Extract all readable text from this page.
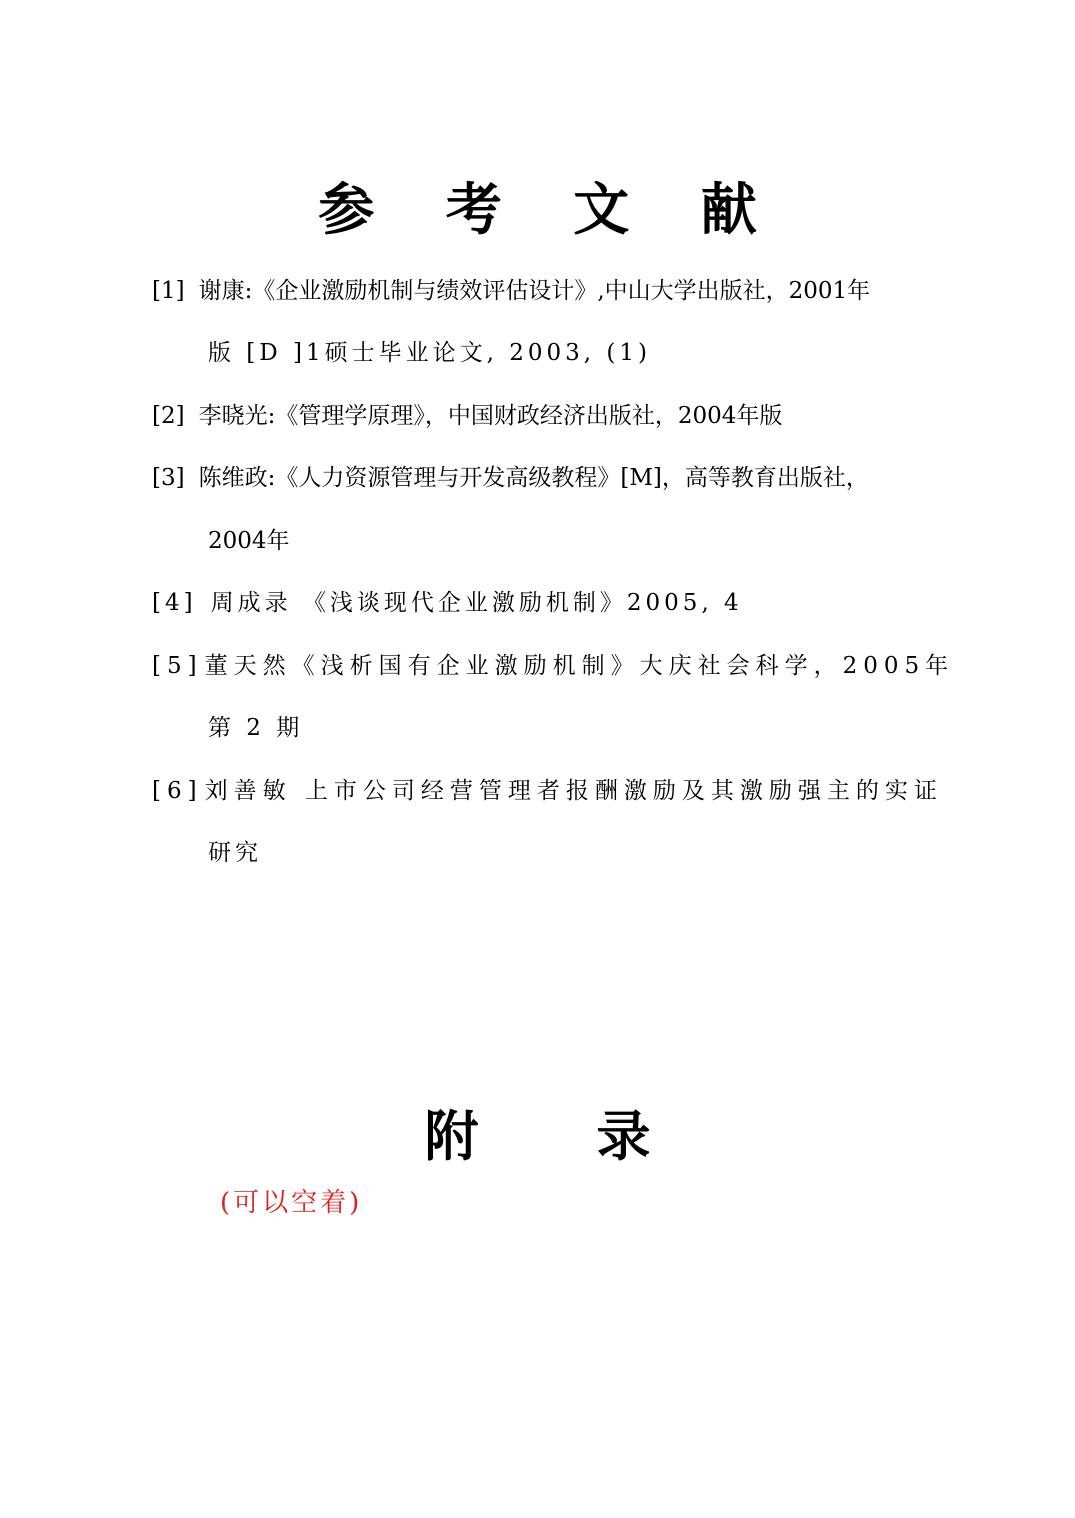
参 考 文 献
[1] 谢康:《企业激励机制与绩效评估设计》,中山大学出版社，2001年
版 [D ]1硕士毕业论文, 2003, (1)
[2] 李晓光:《管理学原理》，中国财政经济出版社，2004年版
[3] 陈维政:《人力资源管理与开发高级教程》[M]，高等教育出版社，
2004年
[4] 周成录 《浅谈现代企业激励机制》2005, 4
[5]董天然《浅析国有企业激励机制》大庆社会科学，2005年
第 2 期
[6]刘善敏 上市公司经营管理者报酬激励及其激励强主的实证
研究
附 录
(可以空着)
